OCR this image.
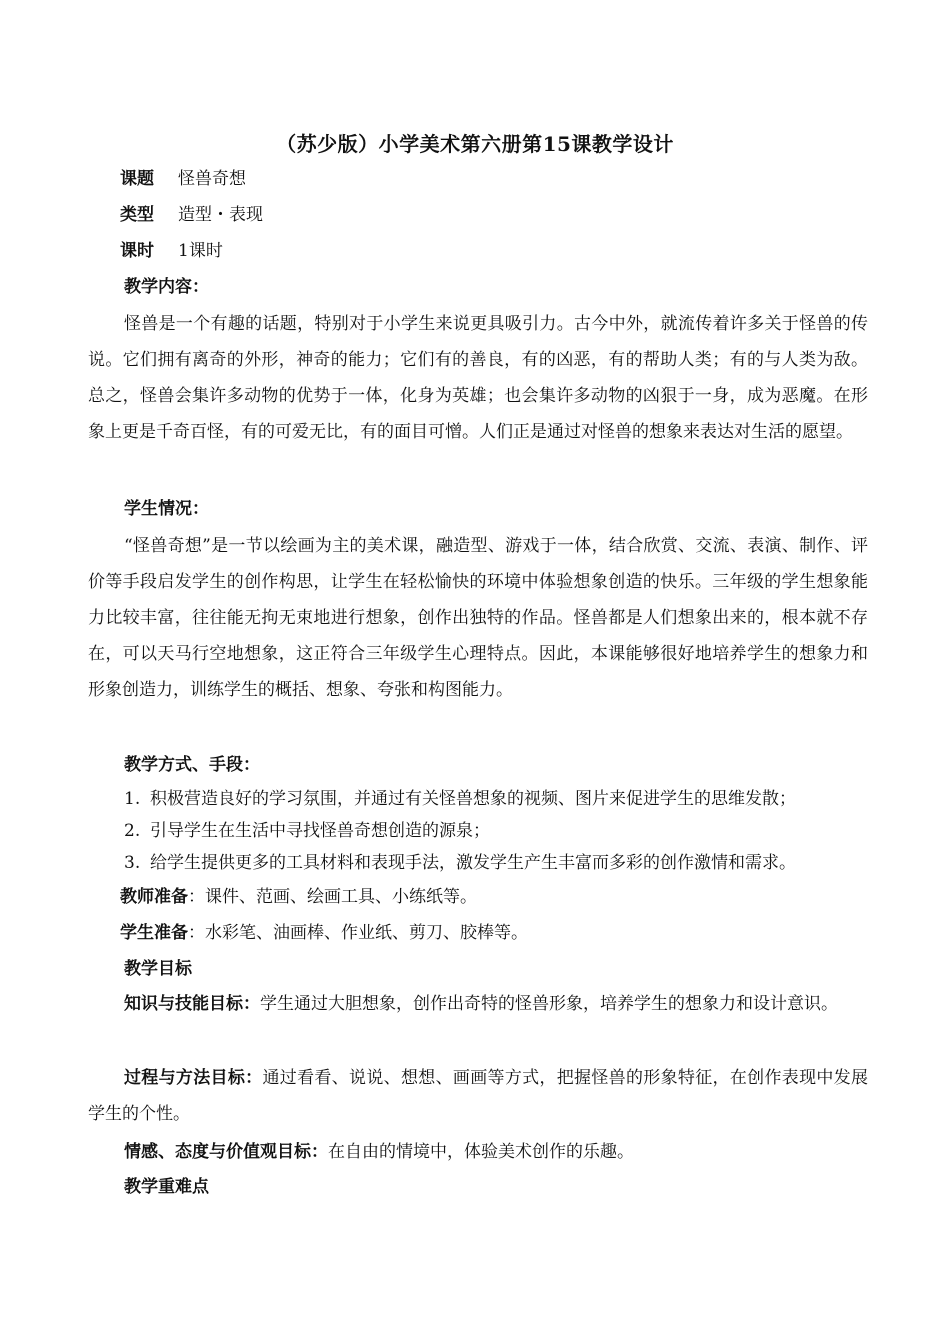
（苏少版）小学美术第六册第15课教学设计
课题 怪兽奇想
类型 造型・表现
课时 1课时
教学内容：
怪兽是一个有趣的话题，特别对于小学生来说更具吸引力。古今中外，就流传着许多关于怪兽的传说。它们拥有离奇的外形，神奇的能力；它们有的善良，有的凶恶，有的帮助人类；有的与人类为敌。总之，怪兽会集许多动物的优势于一体，化身为英雄；也会集许多动物的凶狠于一身，成为恶魔。在形象上更是千奇百怪，有的可爱无比，有的面目可憎。人们正是通过对怪兽的想象来表达对生活的愿望。
学生情况：
“怪兽奇想”是一节以绘画为主的美术课，融造型、游戏于一体，结合欣赏、交流、表演、制作、评价等手段启发学生的创作构思，让学生在轻松愉快的环境中体验想象创造的快乐。三年级的学生想象能力比较丰富，往往能无拘无束地进行想象，创作出独特的作品。怪兽都是人们想象出来的，根本就不存在，可以天马行空地想象，这正符合三年级学生心理特点。因此，本课能够很好地培养学生的想象力和形象创造力，训练学生的概括、想象、夸张和构图能力。
教学方式、手段：
1. 积极营造良好的学习氛围，并通过有关怪兽想象的视频、图片来促进学生的思维发散；
2. 引导学生在生活中寻找怪兽奇想创造的源泉；
3. 给学生提供更多的工具材料和表现手法，激发学生产生丰富而多彩的创作激情和需求。
教师准备：课件、范画、绘画工具、小练纸等。
学生准备：水彩笔、油画棒、作业纸、剪刀、胶棒等。
教学目标
知识与技能目标：学生通过大胆想象，创作出奇特的怪兽形象，培养学生的想象力和设计意识。
过程与方法目标：通过看看、说说、想想、画画等方式，把握怪兽的形象特征，在创作表现中发展学生的个性。
情感、态度与价值观目标：在自由的情境中，体验美术创作的乐趣。
教学重难点
